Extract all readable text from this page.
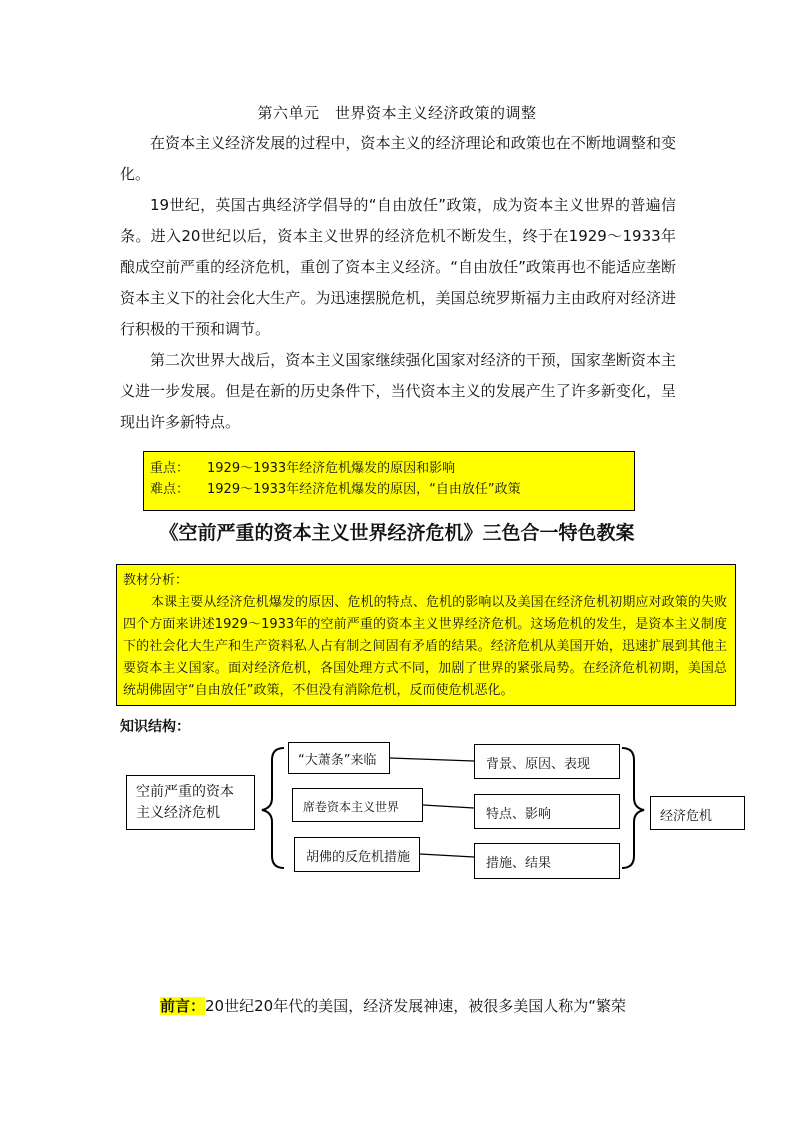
第六单元　世界资本主义经济政策的调整
在资本主义经济发展的过程中，资本主义的经济理论和政策也在不断地调整和变化。
19世纪，英国古典经济学倡导的“自由放任”政策，成为资本主义世界的普遍信条。进入20世纪以后，资本主义世界的经济危机不断发生，终于在1929～1933年酿成空前严重的经济危机，重创了资本主义经济。“自由放任”政策再也不能适应垄断资本主义下的社会化大生产。为迅速摆脱危机，美国总统罗斯福力主由政府对经济进行积极的干预和调节。
第二次世界大战后，资本主义国家继续强化国家对经济的干预，国家垄断资本主义进一步发展。但是在新的历史条件下，当代资本主义的发展产生了许多新变化，呈现出许多新特点。
重点： 1929～1933年经济危机爆发的原因和影响
难点： 1929～1933年经济危机爆发的原因，“自由放任”政策
《空前严重的资本主义世界经济危机》三色合一特色教案
教材分析：
本课主要从经济危机爆发的原因、危机的特点、危机的影响以及美国在经济危机初期应对政策的失败四个方面来讲述1929～1933年的空前严重的资本主义世界经济危机。这场危机的发生，是资本主义制度下的社会化大生产和生产资料私人占有制之间固有矛盾的结果。经济危机从美国开始，迅速扩展到其他主要资本主义国家。面对经济危机，各国处理方式不同，加剧了世界的紧张局势。在经济危机初期，美国总统胡佛固守“自由放任”政策，不但没有消除危机，反而使危机恶化。
知识结构：
空前严重的资本
主义经济危机
“大萧条”来临
席卷资本主义世界
胡佛的反危机措施
背景、原因、表现
特点、影响
措施、结果
经济危机
前言：20世纪20年代的美国，经济发展神速，被很多美国人称为“繁荣
